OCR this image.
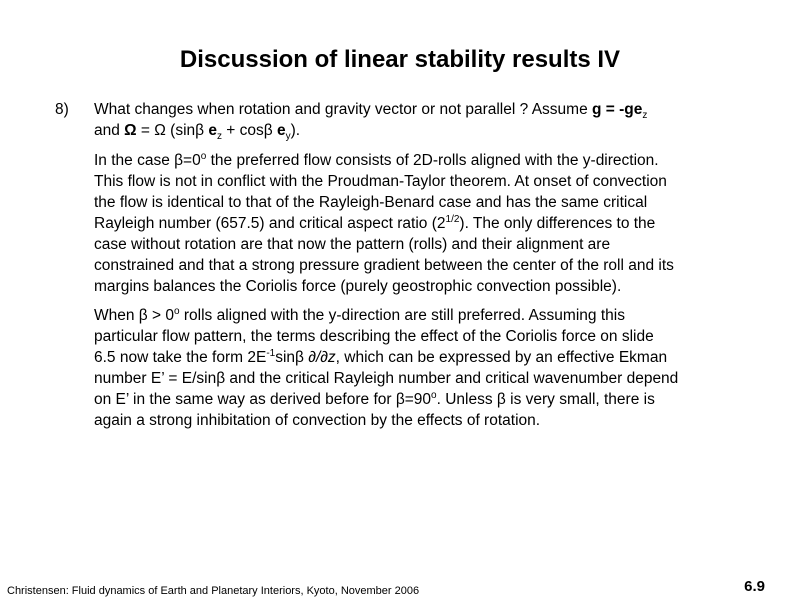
Discussion of linear stability results IV
8) What changes when rotation and gravity vector or not parallel ? Assume $g = -ge_z$

and Ω = Ω (sinβ $e_z + \cos\beta$ $e_y$).

In the case $\beta=0^o$ the preferred flow consists of 2D-rolls aligned with the y-direction.

This flow is not in conflict with the Proudman-Taylor theorem. At onset of convection

the flow is identical to that of the Rayleigh-Benard case and has the same critical

Rayleigh number (657.5) and critical aspect ratio $(2^{1/2})$. The only differences to the

case without rotation are that now the pattern (rolls) and their alignment are

constrained and that a strong pressure gradient between the center of the roll and its

margins balances the Coriolis force (purely geostrophic convection possible).

When $\beta > 0^o$ rolls aligned with the y-direction are still preferred. Assuming this

particular flow pattern, the terms describing the effect of the Coriolis force on slide

6.5 now take the form $2E^{-1}\sin\beta$ ∂/∂z, which can be expressed by an effective Ekman

number E’ = E/sinβ and the critical Rayleigh number and critical wavenumber depend

on E’ in the same way as derived before for $\beta=90^o$. Unless β is very small, there is

again a strong inhibitation of convection by the effects of rotation.

Christensen: Fluid dynamics of Earth and Planetary Interiors, Kyoto, November 2006	6.9
